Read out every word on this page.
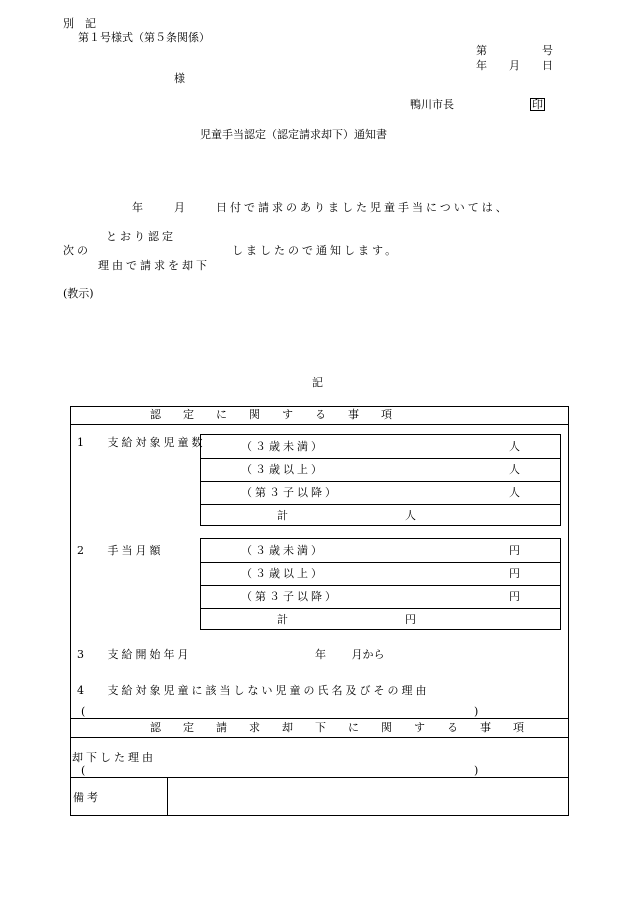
別　記
第１号様式（第５条関係）
第　　　　　号
年　　月　　日
様
鴨川市長	印
児童手当認定（認定請求却下）通知書
年　　月　　日付で請求のありました児童手当については、
とおり認定
次の	しましたので通知します。
理由で請求を却下
(教示)
記
認　　定　　に　　関　　す　　る　　事　　項
1　 支給対象児童数	（３歳未満）	人
（３歳以上）	人
（第３子以降）	人
計	人
2　 手当月額	（３歳未満）	円
（３歳以上）	円
（第３子以降）	円
計	円
3　 支給開始年月	年　　 月から
4　 支給対象児童に該当しない児童の氏名及びその理由
(	)
認　　定　　請　　求　　却　　下　　に　　関　　す　　る　　事　　項
却下した理由
(	)
備考
